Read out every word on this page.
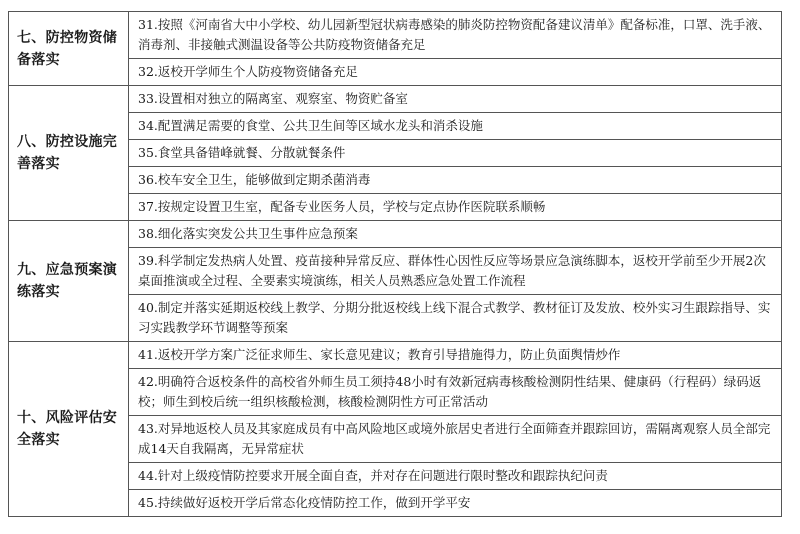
七、防控物资储备落实	31.按照《河南省大中小学校、幼儿园新型冠状病毒感染的肺炎防控物资配备建议清单》配备标准，口罩、洗手液、消毒剂、非接触式测温设备等公共防疫物资储备充足
	32.返校开学师生个人防疫物资储备充足
八、防控设施完善落实	33.设置相对独立的隔离室、观察室、物资贮备室
	34.配置满足需要的食堂、公共卫生间等区域水龙头和消杀设施
	35.食堂具备错峰就餐、分散就餐条件
	36.校车安全卫生，能够做到定期杀菌消毒
	37.按规定设置卫生室，配备专业医务人员，学校与定点协作医院联系顺畅
九、应急预案演练落实	38.细化落实突发公共卫生事件应急预案
	39.科学制定发热病人处置、疫苗接种异常反应、群体性心因性反应等场景应急演练脚本，返校开学前至少开展2次桌面推演或全过程、全要素实境演练，相关人员熟悉应急处置工作流程
	40.制定并落实延期返校线上教学、分期分批返校线上线下混合式教学、教材征订及发放、校外实习生跟踪指导、实习实践教学环节调整等预案
十、风险评估安全落实	41.返校开学方案广泛征求师生、家长意见建议；教育引导措施得力，防止负面舆情炒作
	42.明确符合返校条件的高校省外师生员工须持48小时有效新冠病毒核酸检测阴性结果、健康码（行程码）绿码返校；师生到校后统一组织核酸检测，核酸检测阴性方可正常活动
	43.对异地返校人员及其家庭成员有中高风险地区或境外旅居史者进行全面筛查并跟踪回访，需隔离观察人员全部完成14天自我隔离，无异常症状
	44.针对上级疫情防控要求开展全面自查，并对存在问题进行限时整改和跟踪执纪问责
	45.持续做好返校开学后常态化疫情防控工作，做到开学平安
